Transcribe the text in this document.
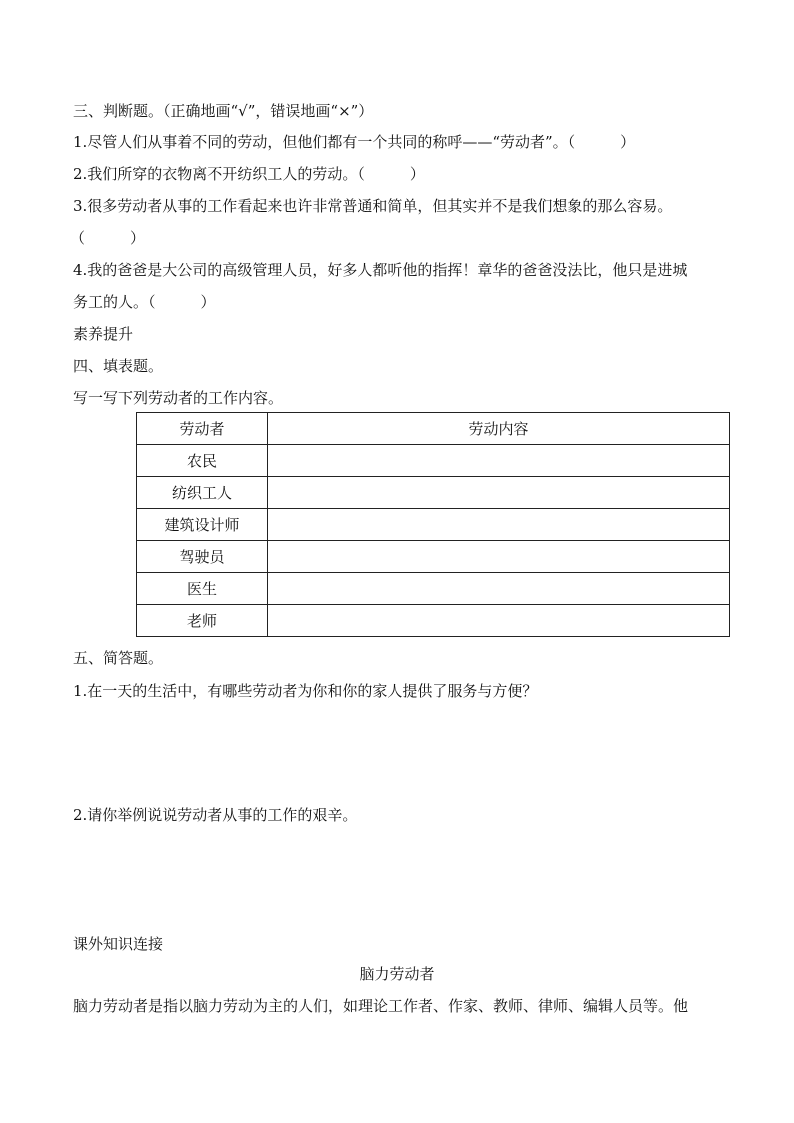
三、判断题。（正确地画“√”，错误地画“×”）
1.尽管人们从事着不同的劳动，但他们都有一个共同的称呼——“劳动者”。（　　　）
2.我们所穿的衣物离不开纺织工人的劳动。（　　　）
3.很多劳动者从事的工作看起来也许非常普通和简单，但其实并不是我们想象的那么容易。
（　　　）
4.我的爸爸是大公司的高级管理人员，好多人都听他的指挥！章华的爸爸没法比，他只是进城
务工的人。（　　　）
素养提升
四、填表题。
写一写下列劳动者的工作内容。
劳动者	劳动内容
农民	
纺织工人	
建筑设计师	
驾驶员	
医生	
老师	
五、简答题。
1.在一天的生活中，有哪些劳动者为你和你的家人提供了服务与方便？
2.请你举例说说劳动者从事的工作的艰辛。
课外知识连接
脑力劳动者
脑力劳动者是指以脑力劳动为主的人们，如理论工作者、作家、教师、律师、编辑人员等。他
